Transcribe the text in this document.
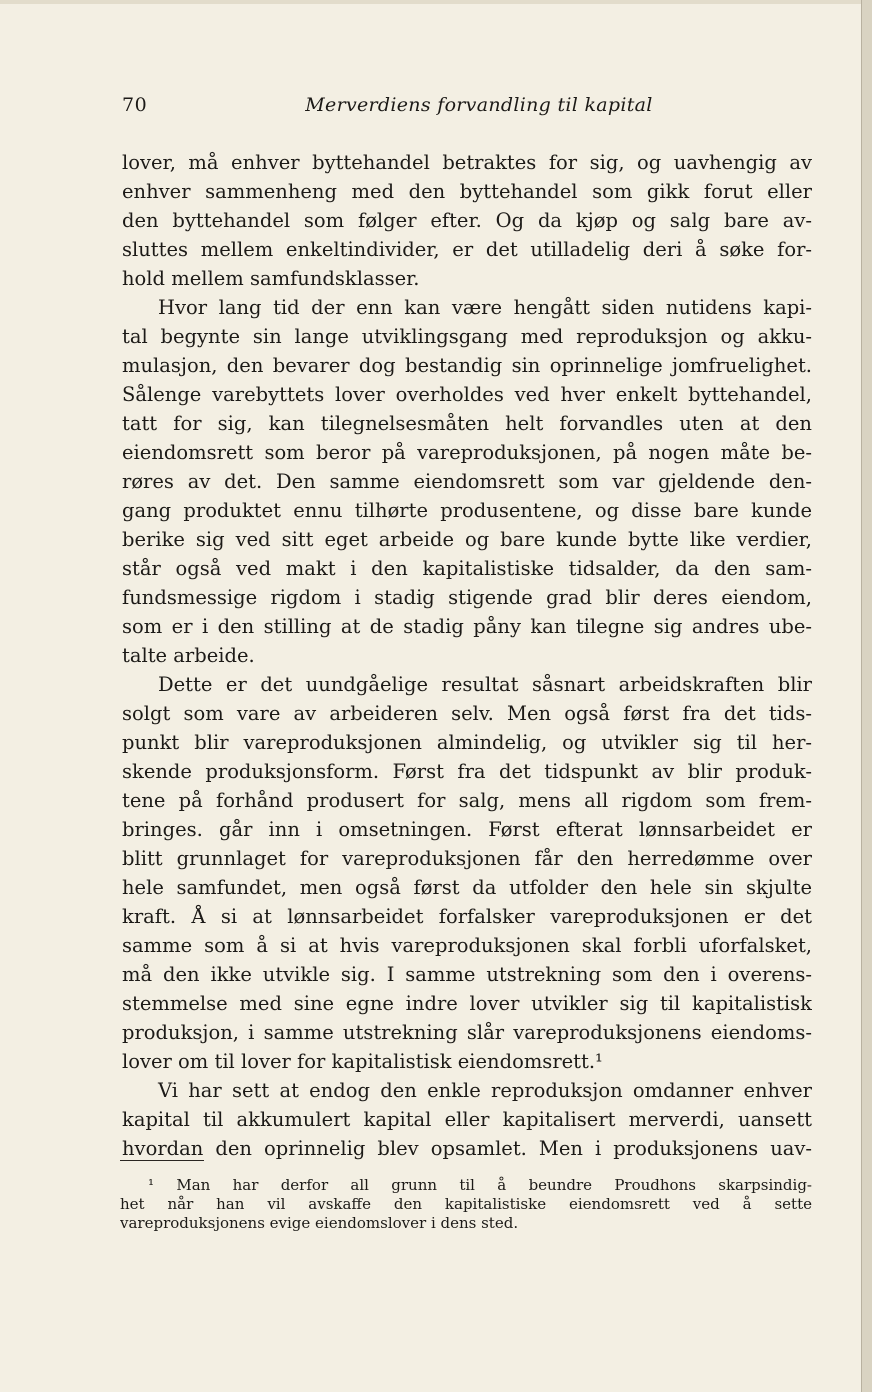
70	Merverdiens forvandling til kapital
lover, må enhver byttehandel betraktes for sig, og uavhengig av
enhver sammenheng med den byttehandel som gikk forut eller
den byttehandel som følger efter. Og da kjøp og salg bare av-
sluttes mellem enkeltindivider, er det utilladelig deri å søke for-
hold mellem samfundsklasser.
Hvor lang tid der enn kan være hengått siden nutidens kapi-
tal begynte sin lange utviklingsgang med reproduksjon og akku-
mulasjon, den bevarer dog bestandig sin oprinnelige jomfruelighet.
Sålenge varebyttets lover overholdes ved hver enkelt byttehandel,
tatt for sig, kan tilegnelsesmåten helt forvandles uten at den
eiendomsrett som beror på vareproduksjonen, på nogen måte be-
røres av det. Den samme eiendomsrett som var gjeldende den-
gang produktet ennu tilhørte produsentene, og disse bare kunde
berike sig ved sitt eget arbeide og bare kunde bytte like verdier,
står også ved makt i den kapitalistiske tidsalder, da den sam-
fundsmessige rigdom i stadig stigende grad blir deres eiendom,
som er i den stilling at de stadig påny kan tilegne sig andres ube-
talte arbeide.
Dette er det uundgåelige resultat såsnart arbeidskraften blir
solgt som vare av arbeideren selv. Men også først fra det tids-
punkt blir vareproduksjonen almindelig, og utvikler sig til her-
skende produksjonsform. Først fra det tidspunkt av blir produk-
tene på forhånd produsert for salg, mens all rigdom som frem-
bringes. går inn i omsetningen. Først efterat lønnsarbeidet er
blitt grunnlaget for vareproduksjonen får den herredømme over
hele samfundet, men også først da utfolder den hele sin skjulte
kraft. Å si at lønnsarbeidet forfalsker vareproduksjonen er det
samme som å si at hvis vareproduksjonen skal forbli uforfalsket,
må den ikke utvikle sig. I samme utstrekning som den i overens-
stemmelse med sine egne indre lover utvikler sig til kapitalistisk
produksjon, i samme utstrekning slår vareproduksjonens eiendoms-
lover om til lover for kapitalistisk eiendomsrett.¹
Vi har sett at endog den enkle reproduksjon omdanner enhver
kapital til akkumulert kapital eller kapitalisert merverdi, uansett
hvordan den oprinnelig blev opsamlet. Men i produksjonens uav-
¹ Man har derfor all grunn til å beundre Proudhons skarpsindig-
het når han vil avskaffe den kapitalistiske eiendomsrett ved å sette
vareproduksjonens evige eiendomslover i dens sted.
